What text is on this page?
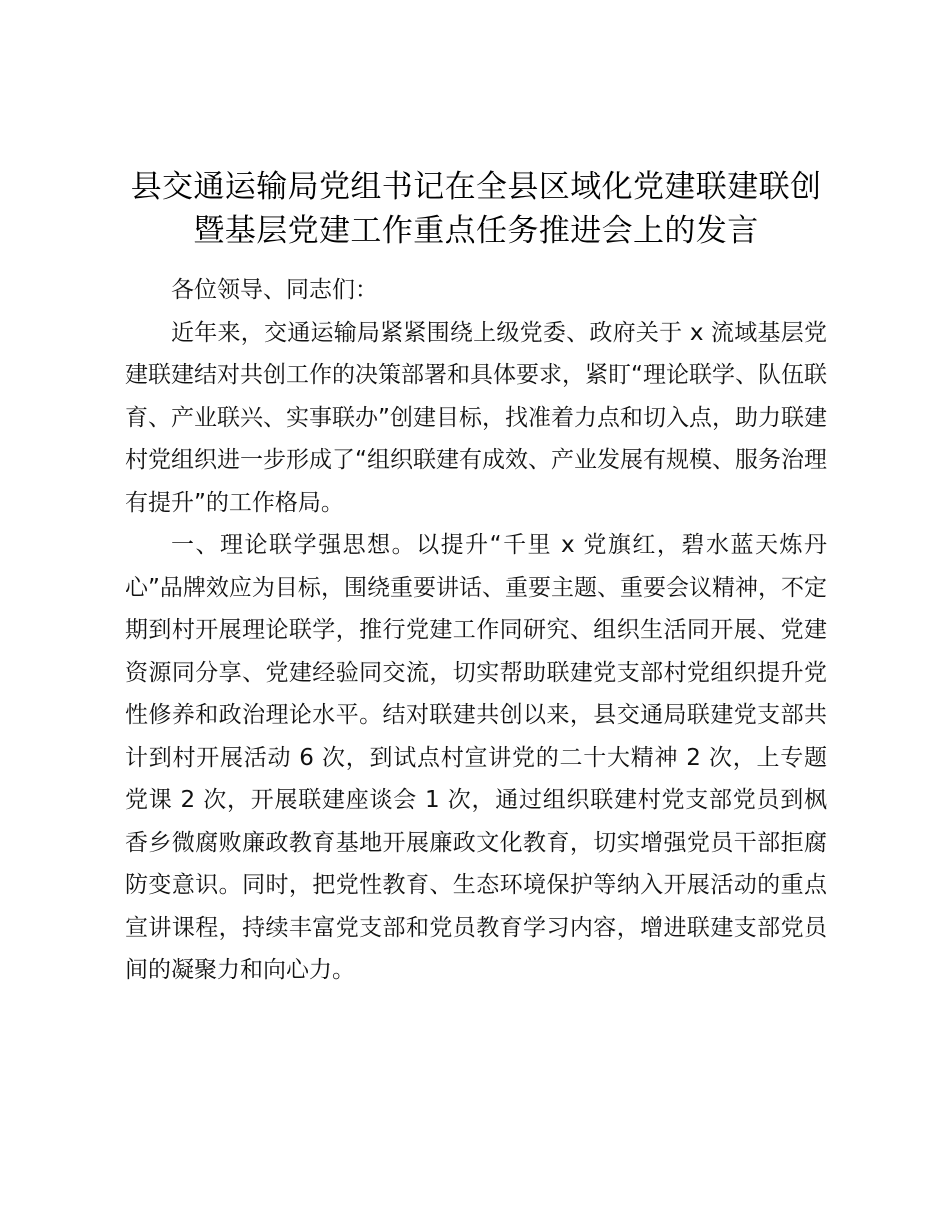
县交通运输局党组书记在全县区域化党建联建联创暨基层党建工作重点任务推进会上的发言

各位领导、同志们：

近年来，交通运输局紧紧围绕上级党委、政府关于 x 流域基层党建联建结对共创工作的决策部署和具体要求，紧盯“理论联学、队伍联育、产业联兴、实事联办”创建目标，找准着力点和切入点，助力联建村党组织进一步形成了“组织联建有成效、产业发展有规模、服务治理有提升”的工作格局。

一、理论联学强思想。以提升“千里 x 党旗红，碧水蓝天炼丹心”品牌效应为目标，围绕重要讲话、重要主题、重要会议精神，不定期到村开展理论联学，推行党建工作同研究、组织生活同开展、党建资源同分享、党建经验同交流，切实帮助联建党支部村党组织提升党性修养和政治理论水平。结对联建共创以来，县交通局联建党支部共计到村开展活动 6 次，到试点村宣讲党的二十大精神 2 次，上专题党课 2 次，开展联建座谈会 1 次，通过组织联建村党支部党员到枫香乡微腐败廉政教育基地开展廉政文化教育，切实增强党员干部拒腐防变意识。同时，把党性教育、生态环境保护等纳入开展活动的重点宣讲课程，持续丰富党支部和党员教育学习内容，增进联建支部党员间的凝聚力和向心力。
